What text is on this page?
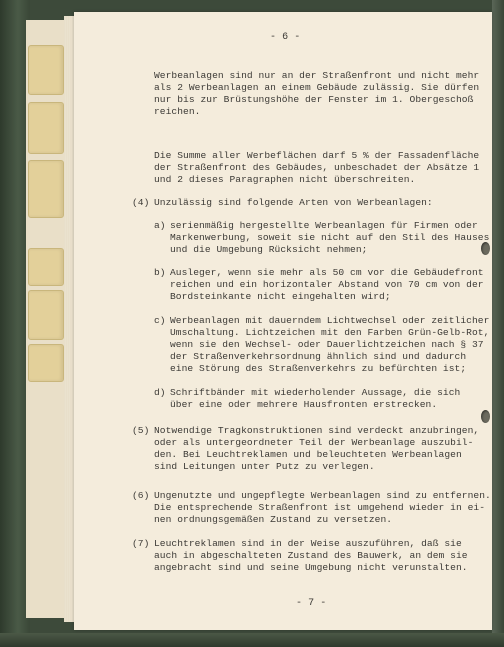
- 6 -
Werbeanlagen sind nur an der Straßenfront und nicht mehr
als 2 Werbeanlagen an einem Gebäude zulässig. Sie dürfen
nur bis zur Brüstungshöhe der Fenster im 1. Obergeschoß
reichen.
Die Summe aller Werbeflächen darf 5 % der Fassadenfläche
der Straßenfront des Gebäudes, unbeschadet der Absätze 1
und 2 dieses Paragraphen nicht überschreiten.
(4) Unzulässig sind folgende Arten von Werbeanlagen:
a) serienmäßig hergestellte Werbeanlagen für Firmen oder
Markenwerbung, soweit sie nicht auf den Stil des Hauses
und die Umgebung Rücksicht nehmen;
b) Ausleger, wenn sie mehr als 50 cm vor die Gebäudefront
reichen und ein horizontaler Abstand von 70 cm von der
Bordsteinkante nicht eingehalten wird;
c) Werbeanlagen mit dauerndem Lichtwechsel oder zeitlicher
Umschaltung. Lichtzeichen mit den Farben Grün-Gelb-Rot,
wenn sie den Wechsel- oder Dauerlichtzeichen nach § 37
der Straßenverkehrsordnung ähnlich sind und dadurch
eine Störung des Straßenverkehrs zu befürchten ist;
d) Schriftbänder mit wiederholender Aussage, die sich
über eine oder mehrere Hausfronten erstrecken.
(5) Notwendige Tragkonstruktionen sind verdeckt anzubringen,
oder als untergeordneter Teil der Werbeanlage auszubil-
den. Bei Leuchtreklamen und beleuchteten Werbeanlagen
sind Leitungen unter Putz zu verlegen.
(6) Ungenutzte und ungepflegte Werbeanlagen sind zu entfernen.
Die entsprechende Straßenfront ist umgehend wieder in ei-
nen ordnungsgemäßen Zustand zu versetzen.
(7) Leuchtreklamen sind in der Weise auszuführen, daß sie
auch in abgeschalteten Zustand des Bauwerk, an dem sie
angebracht sind und seine Umgebung nicht verunstalten.
- 7 -
